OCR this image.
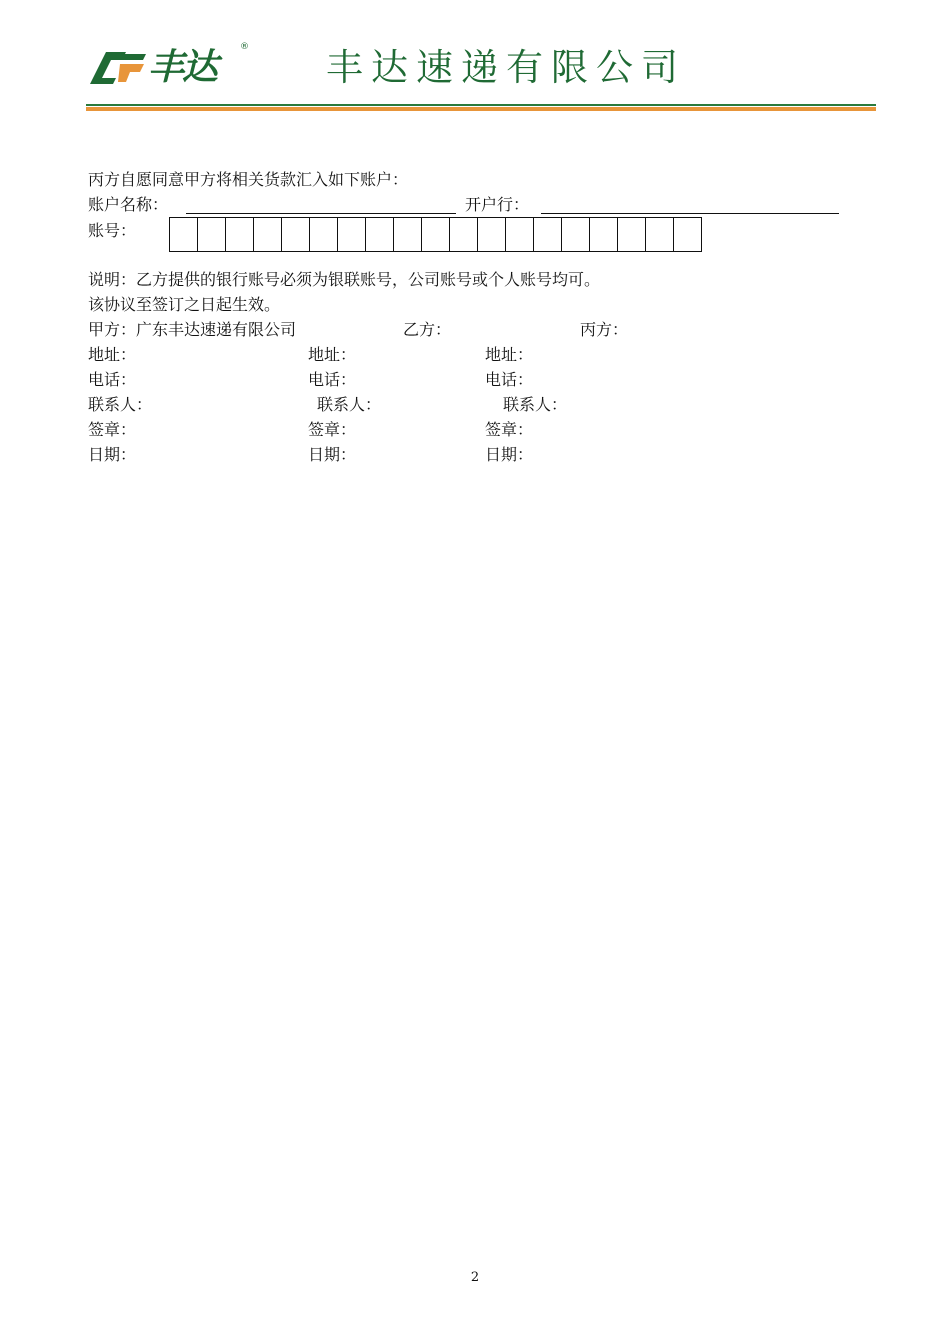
丰达	® 丰达速递有限公司
丙方自愿同意甲方将相关货款汇入如下账户：
账户名称：	开户行：
账号：
说明：乙方提供的银行账号必须为银联账号，公司账号或个人账号均可。
该协议至签订之日起生效。
甲方：广东丰达速递有限公司	乙方：	丙方：
地址：	地址：	地址：
电话：	电话：	电话：
联系人：	联系人：	联系人：
签章：	签章：	签章：
日期：	日期：	日期：
2
